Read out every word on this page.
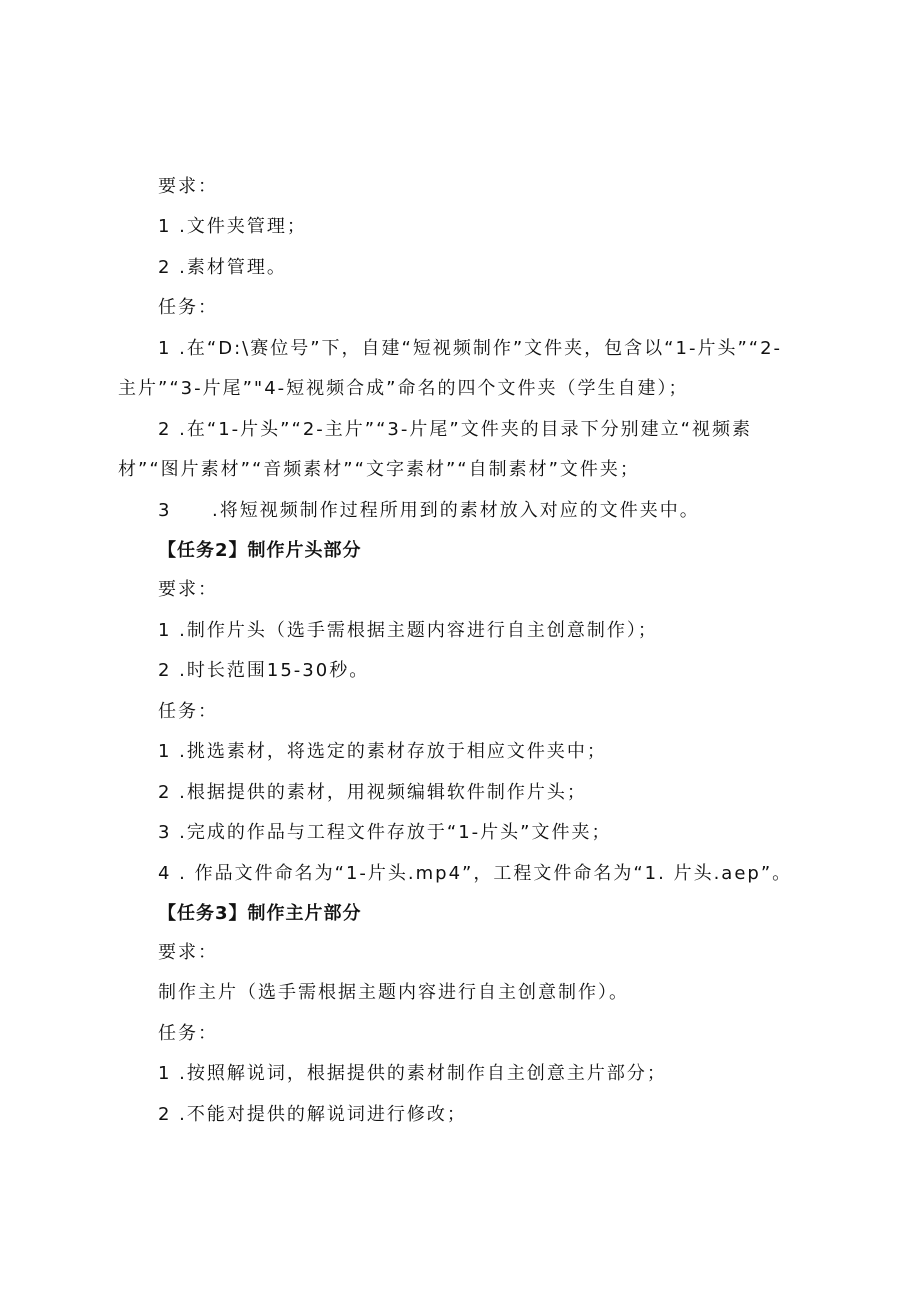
要求：
1 .文件夹管理；
2 .素材管理。
任务：
1 .在“D:\赛位号”下，自建“短视频制作”文件夹，包含以“1-片头”“2-
主片”“3-片尾”"4-短视频合成”命名的四个文件夹（学生自建）；
2 .在“1-片头”“2-主片”“3-片尾”文件夹的目录下分别建立“视频素
材”“图片素材”“音频素材”“文字素材”“自制素材”文件夹；
3 .将短视频制作过程所用到的素材放入对应的文件夹中。
【任务2】制作片头部分
要求：
1 .制作片头（选手需根据主题内容进行自主创意制作）；
2 .时长范围15-30秒。
任务：
1 .挑选素材，将选定的素材存放于相应文件夹中；
2 .根据提供的素材，用视频编辑软件制作片头；
3 .完成的作品与工程文件存放于“1-片头”文件夹；
4 . 作品文件命名为“1-片头.mp4”，工程文件命名为“1. 片头.aep”。
【任务3】制作主片部分
要求：
制作主片（选手需根据主题内容进行自主创意制作）。
任务：
1 .按照解说词，根据提供的素材制作自主创意主片部分；
2 .不能对提供的解说词进行修改；
